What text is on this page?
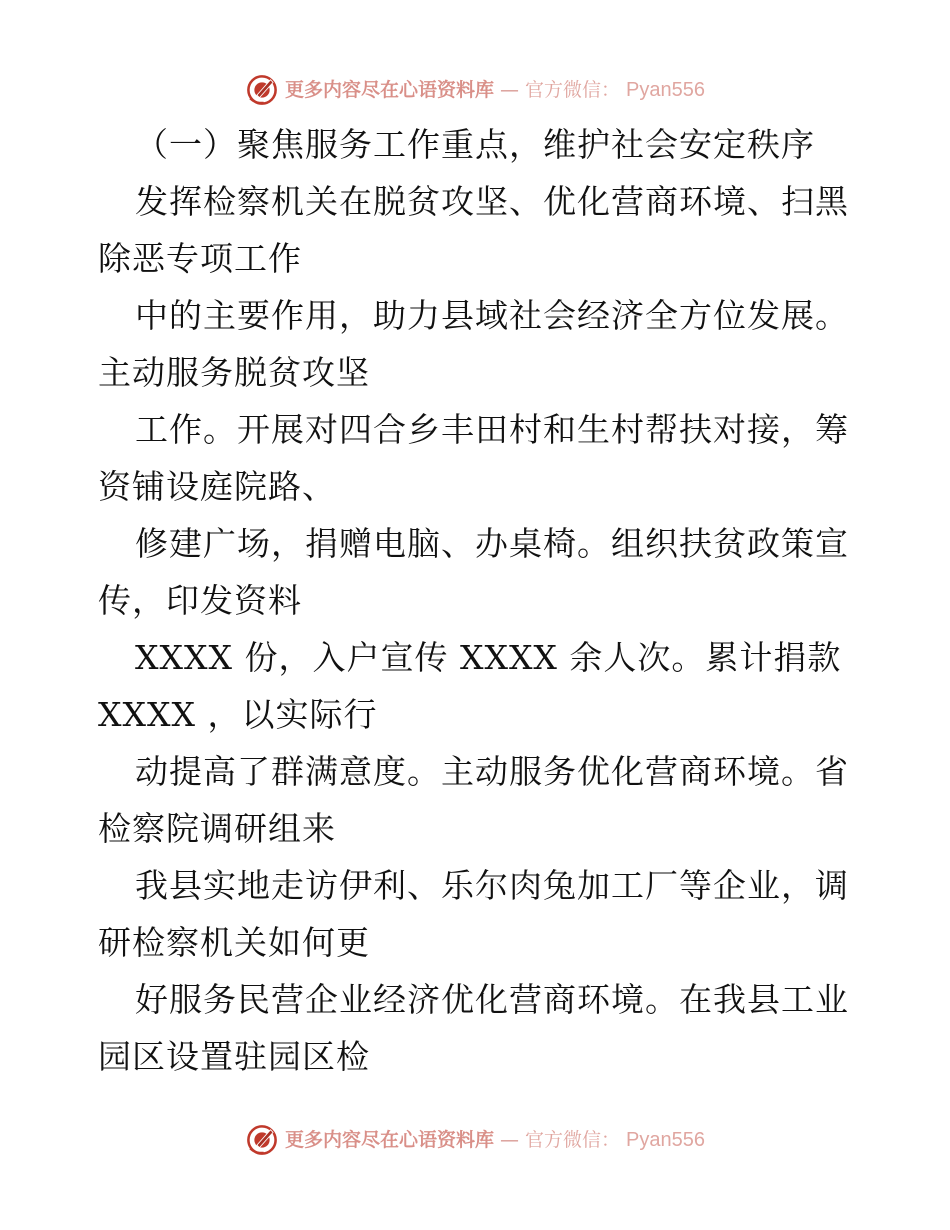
更多内容尽在心语资料库 — 官方微信： Pyan556
（一）聚焦服务工作重点，维护社会安定秩序
发挥检察机关在脱贫攻坚、优化营商环境、扫黑
除恶专项工作
中的主要作用，助力县域社会经济全方位发展。
主动服务脱贫攻坚
工作。开展对四合乡丰田村和生村帮扶对接，筹
资铺设庭院路、
修建广场，捐赠电脑、办桌椅。组织扶贫政策宣
传，印发资料
XXXX 份，入户宣传 XXXX 余人次。累计捐款
XXXX ，以实际行
动提高了群满意度。主动服务优化营商环境。省
检察院调研组来
我县实地走访伊利、乐尔肉兔加工厂等企业，调
研检察机关如何更
好服务民营企业经济优化营商环境。在我县工业
园区设置驻园区检
更多内容尽在心语资料库 — 官方微信： Pyan556
